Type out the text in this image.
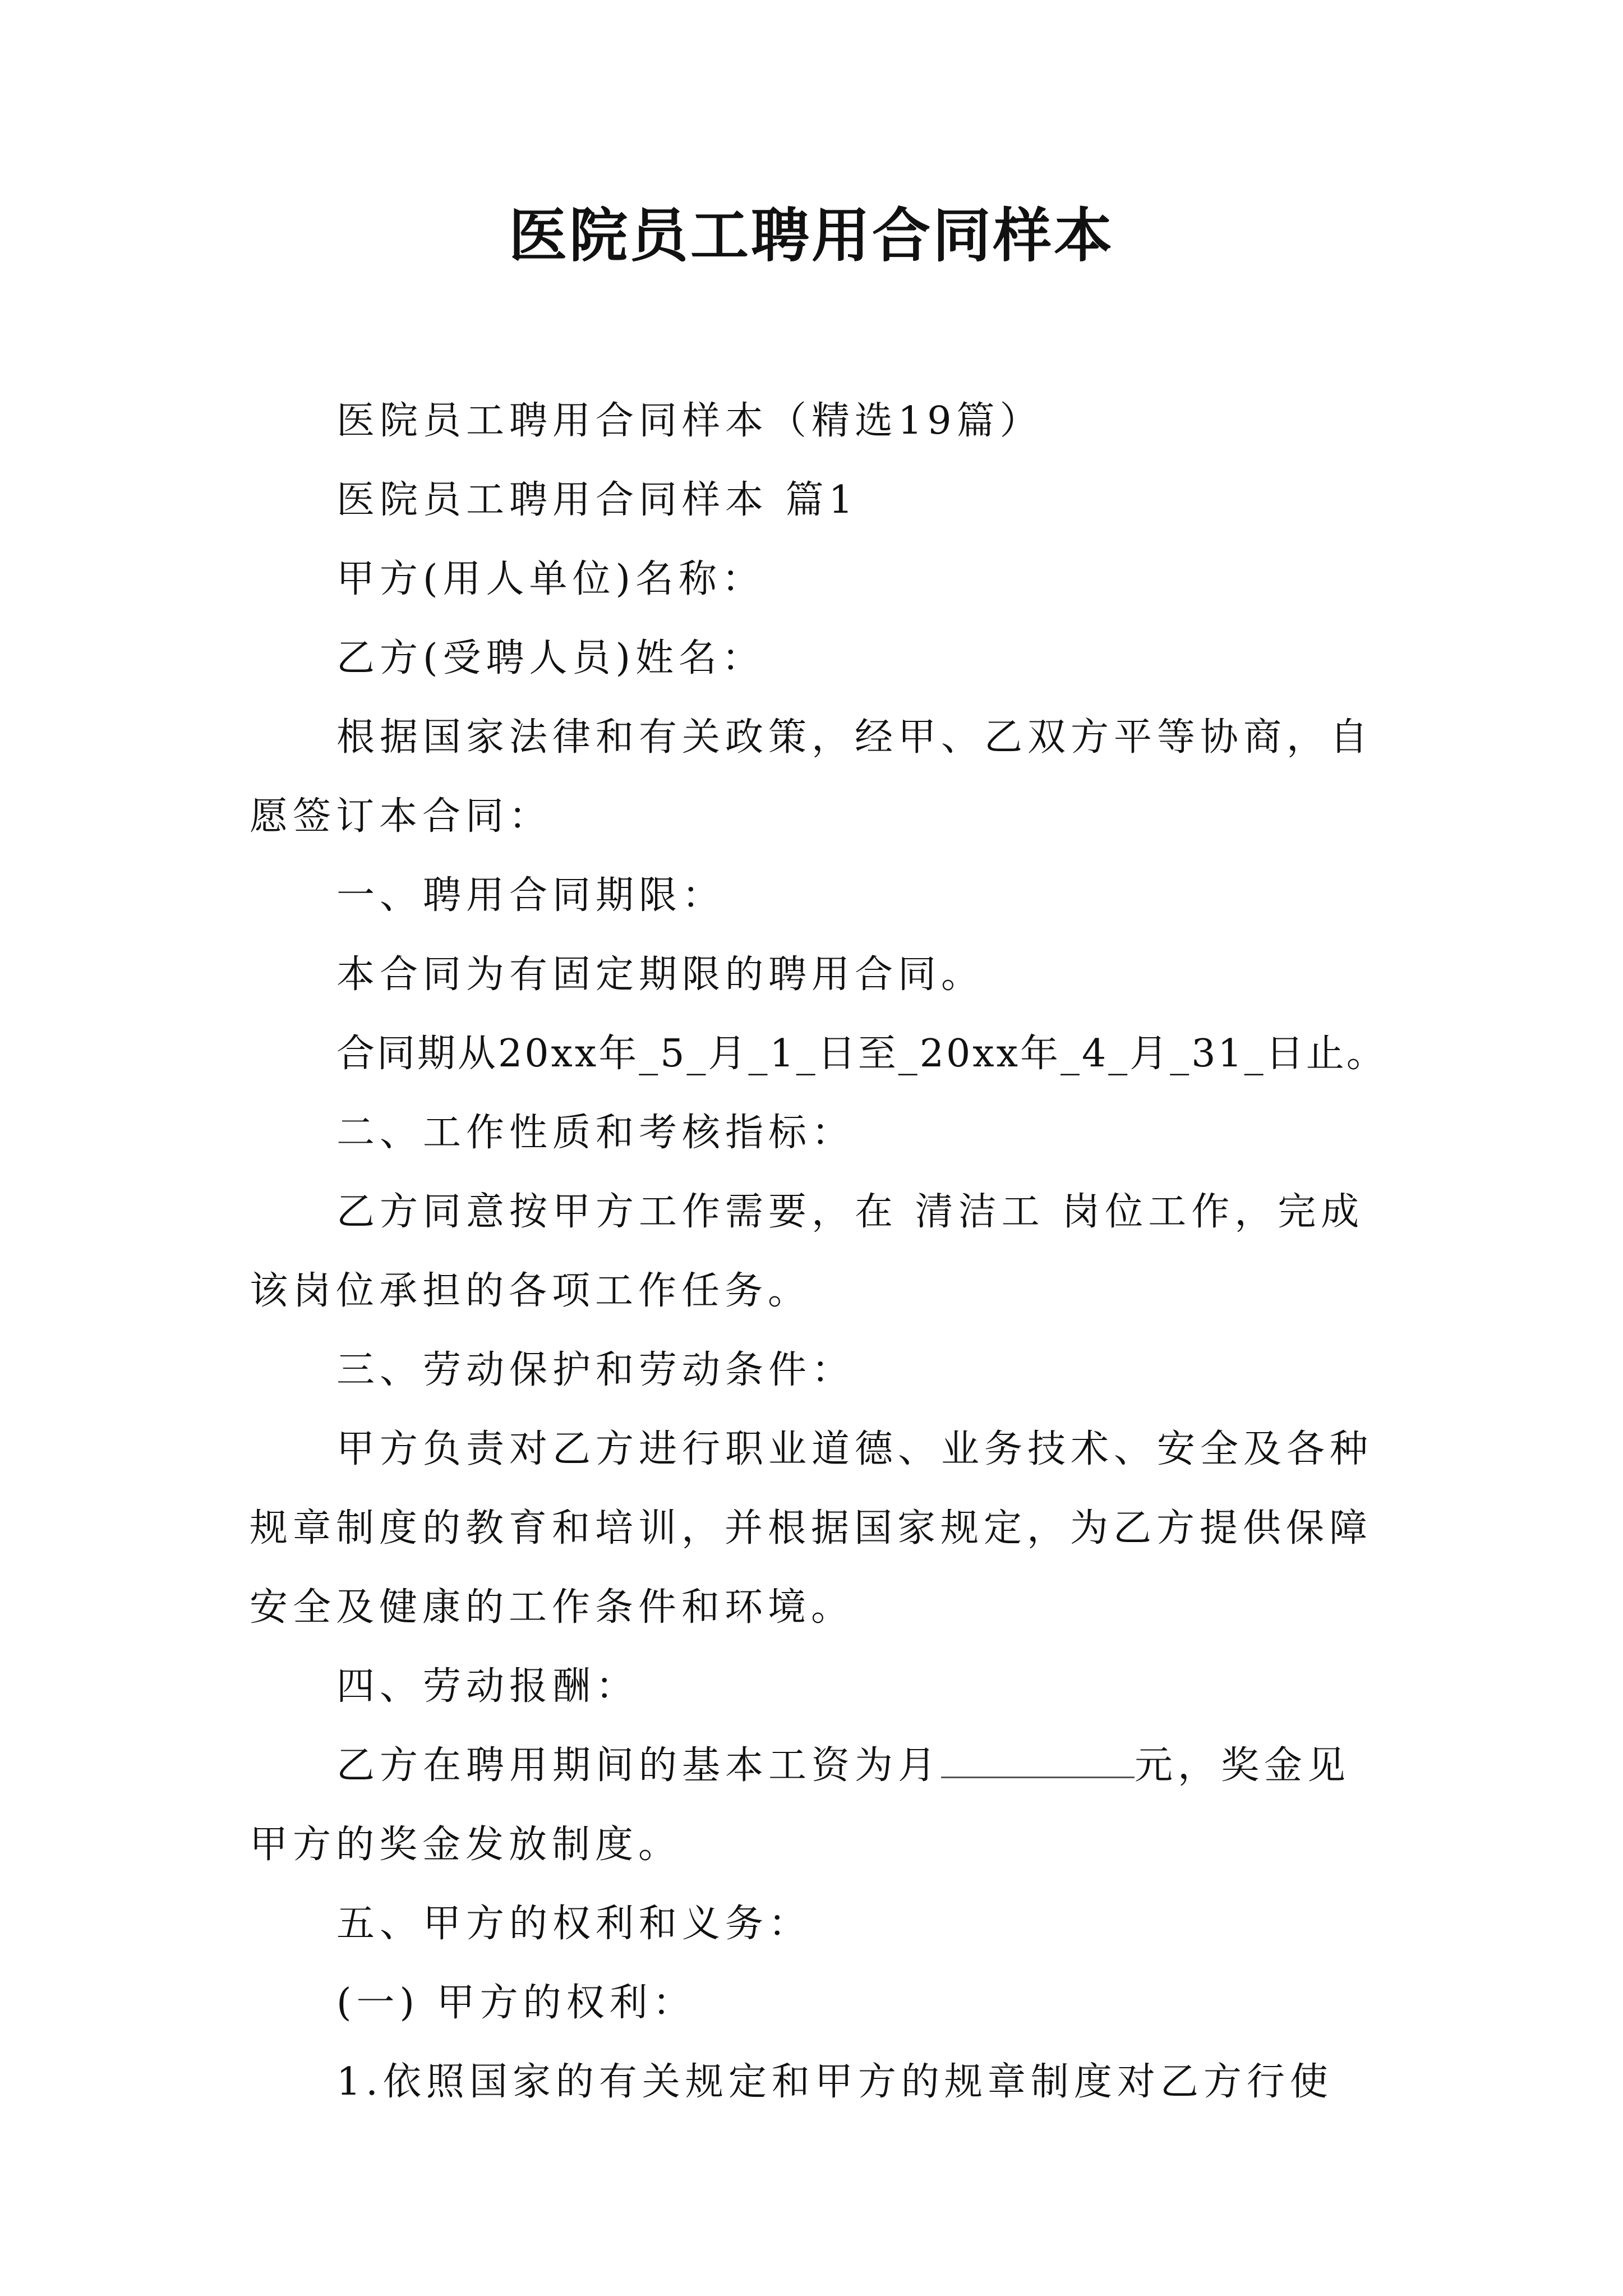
医院员工聘用合同样本

医院员工聘用合同样本（精选19篇）

医院员工聘用合同样本 篇1

甲方(用人单位)名称：

乙方(受聘人员)姓名：

根据国家法律和有关政策，经甲、乙双方平等协商，自愿签订本合同：

一、聘用合同期限：

本合同为有固定期限的聘用合同。

合同期从20xx年_5_月_1_日至_20xx年_4_月_31_日止。

二、工作性质和考核指标：

乙方同意按甲方工作需要，在 清洁工 岗位工作，完成该岗位承担的各项工作任务。

三、劳动保护和劳动条件：

甲方负责对乙方进行职业道德、业务技术、安全及各种规章制度的教育和培训，并根据国家规定，为乙方提供保障安全及健康的工作条件和环境。

四、劳动报酬：

乙方在聘用期间的基本工资为月	元，奖金见甲方的奖金发放制度。

五、甲方的权利和义务：

(一) 甲方的权利：

1.依照国家的有关规定和甲方的规章制度对乙方行使
